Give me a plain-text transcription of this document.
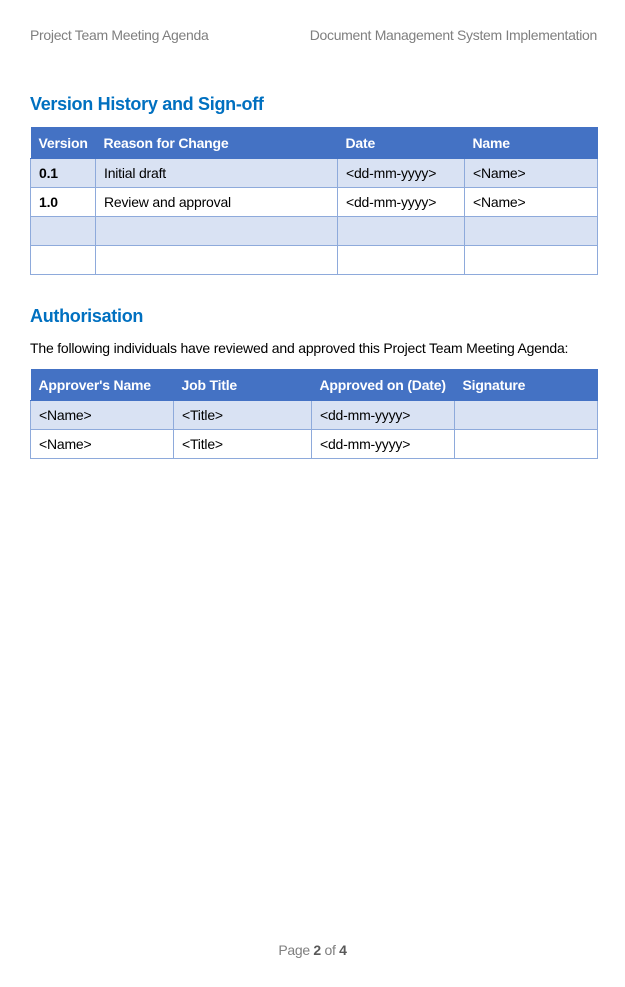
Project Team Meeting Agenda	Document Management System Implementation
Version History and Sign-off
Version	Reason for Change	Date	Name
0.1	Initial draft	<dd-mm-yyyy>	<Name>
1.0	Review and approval	<dd-mm-yyyy>	<Name>

Authorisation

The following individuals have reviewed and approved this Project Team Meeting Agenda:

Approver's Name	Job Title	Approved on (Date)	Signature
<Name>	<Title>	<dd-mm-yyyy>	
<Name>	<Title>	<dd-mm-yyyy>	
Page 2 of 4
